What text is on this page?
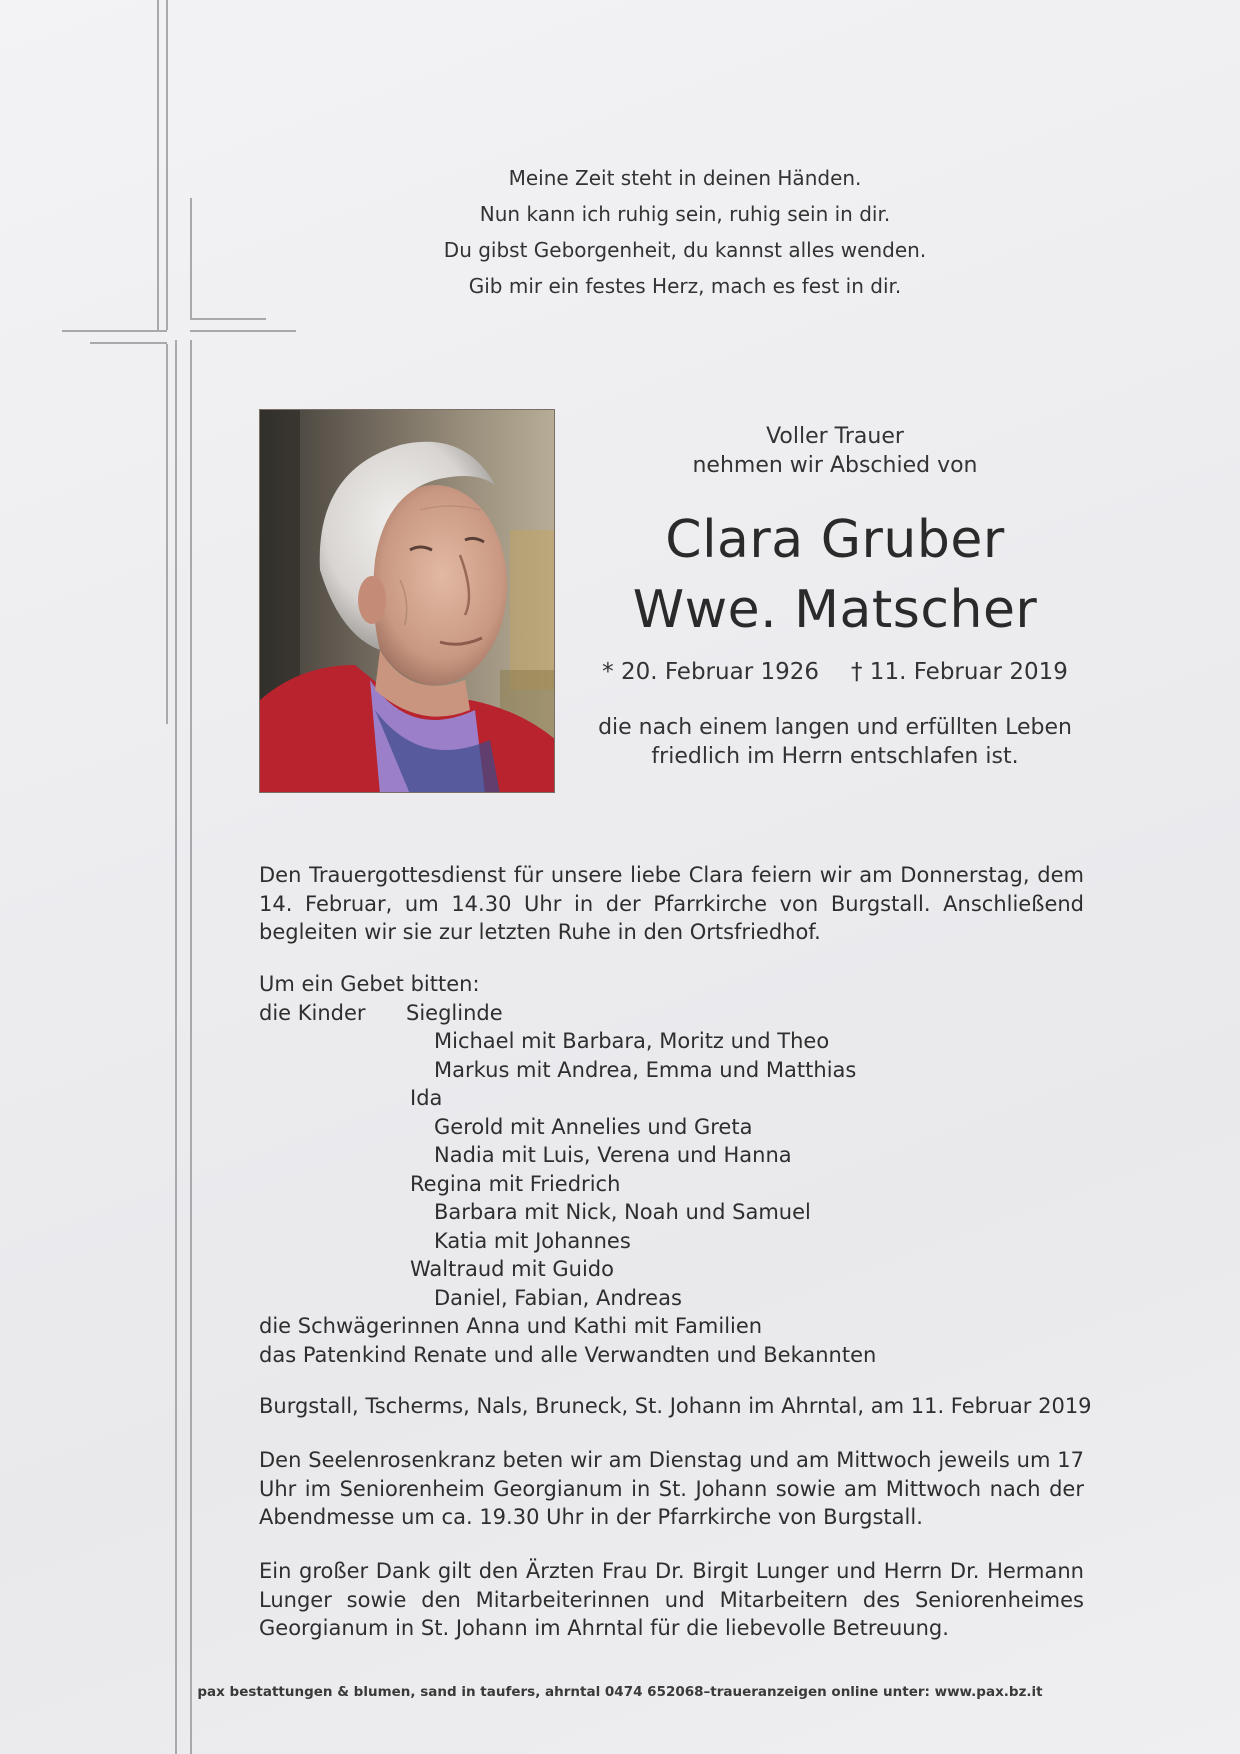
Meine Zeit steht in deinen Händen.
Nun kann ich ruhig sein, ruhig sein in dir.
Du gibst Geborgenheit, du kannst alles wenden.
Gib mir ein festes Herz, mach es fest in dir.
Voller Trauer
nehmen wir Abschied von
Clara Gruber
Wwe. Matscher
* 20. Februar 1926 † 11. Februar 2019
die nach einem langen und erfüllten Leben
friedlich im Herrn entschlafen ist.
Den Trauergottesdienst für unsere liebe Clara feiern wir am Donnerstag, dem 14. Februar, um 14.30 Uhr in der Pfarrkirche von Burgstall. Anschließend begleiten wir sie zur letzten Ruhe in den Ortsfriedhof.
Um ein Gebet bitten:
die Kinder Sieglinde
Michael mit Barbara, Moritz und Theo
Markus mit Andrea, Emma und Matthias
Ida
Gerold mit Annelies und Greta
Nadia mit Luis, Verena und Hanna
Regina mit Friedrich
Barbara mit Nick, Noah und Samuel
Katia mit Johannes
Waltraud mit Guido
Daniel, Fabian, Andreas
die Schwägerinnen Anna und Kathi mit Familien
das Patenkind Renate und alle Verwandten und Bekannten
Burgstall, Tscherms, Nals, Bruneck, St. Johann im Ahrntal, am 11. Februar 2019
Den Seelenrosenkranz beten wir am Dienstag und am Mittwoch jeweils um 17 Uhr im Seniorenheim Georgianum in St. Johann sowie am Mittwoch nach der Abendmesse um ca. 19.30 Uhr in der Pfarrkirche von Burgstall.
Ein großer Dank gilt den Ärzten Frau Dr. Birgit Lunger und Herrn Dr. Hermann Lunger sowie den Mitarbeiterinnen und Mitarbeitern des Seniorenheimes Georgianum in St. Johann im Ahrntal für die liebevolle Betreuung.
pax bestattungen & blumen, sand in taufers, ahrntal 0474 652068–traueranzeigen online unter: www.pax.bz.it
